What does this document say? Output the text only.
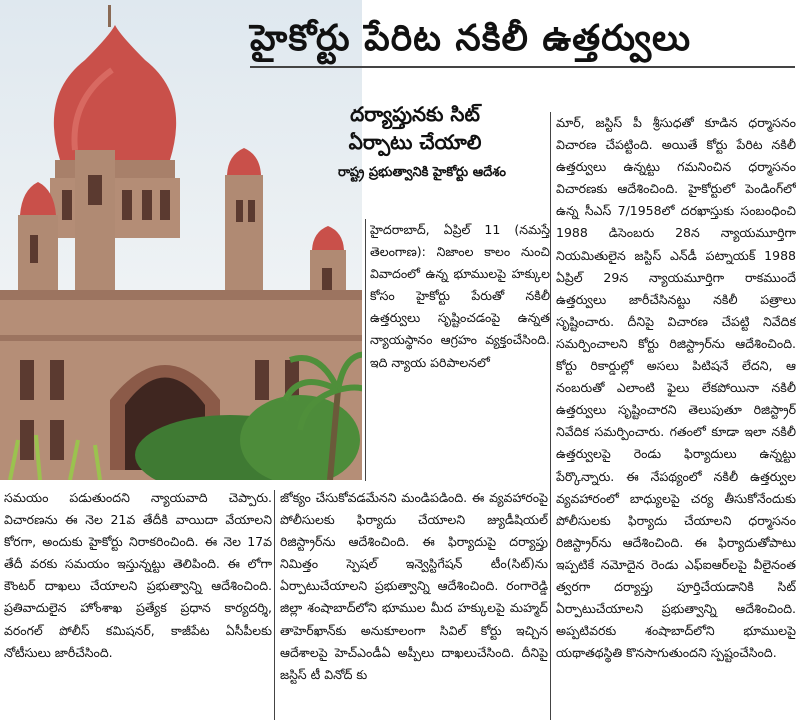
హైకోర్టు పేరిట నకిలీ ఉత్తర్వులు
దర్యాప్తునకు సిట్
ఏర్పాటు చేయాలి
రాష్ట్ర ప్రభుత్వానికి హైకోర్టు ఆదేశం

హైదరాబాద్, ఏప్రిల్ 11 (నమస్తే తెలంగాణ): నిజాంల కాలం నుంచి వివాదంలో ఉన్న భూములపై హక్కుల కోసం హైకోర్టు పేరుతో నకిలీ ఉత్తర్వులు సృష్టించడంపై ఉన్నత న్యాయస్థానం ఆగ్రహం వ్యక్తంచేసింది. ఇది న్యాయ పరిపాలనలో

సమయం పడుతుందని న్యాయవాది చెప్పారు. విచారణను ఈ నెల 21వ తేదీకి వాయిదా వేయాలని కోరగా, అందుకు హైకోర్టు నిరాకరించింది. ఈ నెల 17వ తేదీ వరకు సమయం ఇస్తున్నట్టు తెలిపింది. ఈ లోగా కౌంటర్ దాఖలు చేయాలని ప్రభుత్వాన్ని ఆదేశించింది. ప్రతివాదులైన హోంశాఖ ప్రత్యేక ప్రధాన కార్యదర్శి, వరంగల్ పోలీస్ కమిషనర్, కాజీపేట ఏసీపీలకు నోటీసులు జారీచేసింది.

జోక్యం చేసుకోవడమేనని మండిపడింది. ఈ వ్యవహారంపై పోలీసులకు ఫిర్యాదు చేయాలని జ్యుడీషియల్ రిజిస్ట్రార్‌ను ఆదేశించింది. ఈ ఫిర్యాదుపై దర్యాప్తు నిమిత్తం స్పెషల్ ఇన్వెస్టిగేషన్ టీం(సిట్)ను ఏర్పాటుచేయాలని ప్రభుత్వాన్ని ఆదేశించింది. రంగారెడ్డి జిల్లా శంషాబాద్‌లోని భూముల మీద హక్కులపై మహ్మద్ తాహెర్‌ఖాన్‌కు అనుకూలంగా సివిల్ కోర్టు ఇచ్చిన ఆదేశాలపై హెచ్ఎండీఏ అప్పీలు దాఖలుచేసింది. దీనిపై జస్టిస్ టీ వినోద్ కు

మార్, జస్టిస్ పీ శ్రీసుధతో కూడిన ధర్మాసనం విచారణ చేపట్టింది. అయితే కోర్టు పేరిట నకిలీ ఉత్తర్వులు ఉన్నట్టు గమనించిన ధర్మాసనం విచారణకు ఆదేశించింది. హైకోర్టులో పెండింగ్‌లో ఉన్న సీఎస్ 7/1958లో దరఖాస్తుకు సంబంధించి 1988 డిసెంబరు 28న న్యాయమూర్తిగా నియమితులైన జస్టిస్ ఎన్‌డీ పట్నాయక్ 1988 ఏప్రిల్ 29న న్యాయమూర్తిగా రాకముందే ఉత్తర్వులు జారీచేసినట్టు నకిలీ పత్రాలు సృష్టించారు. దీనిపై విచారణ చేపట్టి నివేదిక సమర్పించాలని కోర్టు రిజిస్ట్రార్‌ను ఆదేశించింది. కోర్టు రికార్డుల్లో అసలు పిటిషనే లేదని, ఆ నంబరుతో ఎలాంటి ఫైలు లేకపోయినా నకిలీ ఉత్తర్వులు సృష్టించారని తెలుపుతూ రిజిస్ట్రార్ నివేదిక సమర్పించారు. గతంలో కూడా ఇలా నకిలీ ఉత్తర్వులపై రెండు ఫిర్యాదులు ఉన్నట్టు పేర్కొన్నారు. ఈ నేపథ్యంలో నకిలీ ఉత్తర్వుల వ్యవహారంలో బాధ్యులపై చర్య తీసుకోనేందుకు పోలీసులకు ఫిర్యాదు చేయాలని ధర్మాసనం రిజిస్ట్రార్‌ను ఆదేశించింది. ఈ ఫిర్యాదుతోపాటు ఇప్పటికే నమోదైన రెండు ఎఫ్ఐఆర్‌లపై వీలైనంత త్వరగా దర్యాప్తు పూర్తిచేయడానికి సిట్ ఏర్పాటుచేయాలని ప్రభుత్వాన్ని ఆదేశించింది. అప్పటివరకు శంషాబాద్‌లోని భూములపై యథాతథస్థితి కొనసాగుతుందని స్పష్టంచేసింది.
